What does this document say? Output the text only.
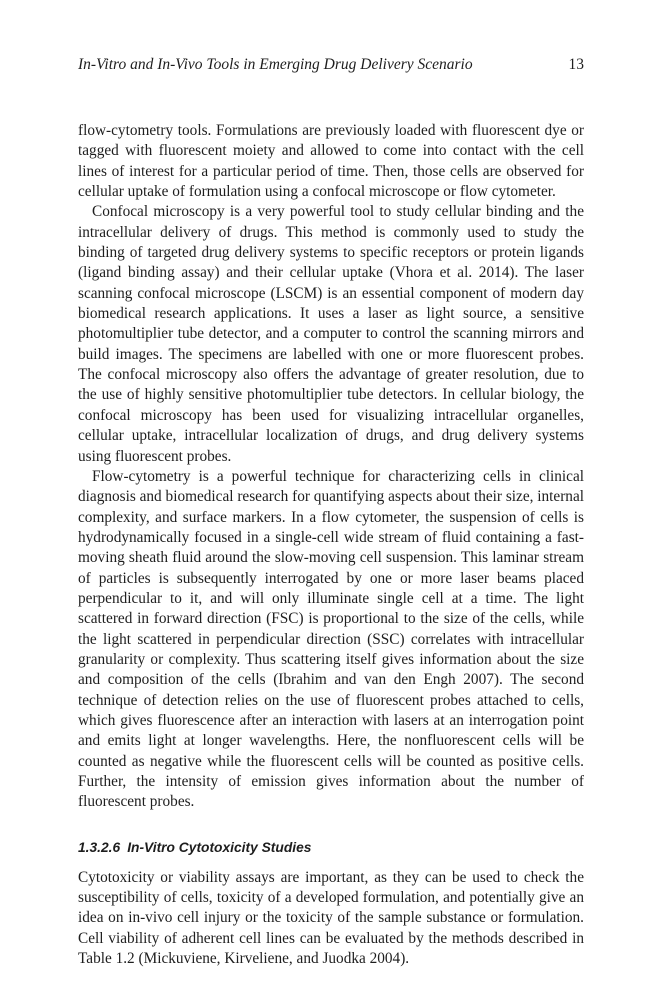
In-Vitro and In-Vivo Tools in Emerging Drug Delivery Scenario	13

flow-cytometry tools. Formulations are previously loaded with fluorescent dye or tagged with fluorescent moiety and allowed to come into contact with the cell lines of interest for a particular period of time. Then, those cells are observed for cellular uptake of formulation using a confocal microscope or flow cytometer.

Confocal microscopy is a very powerful tool to study cellular binding and the intracellular delivery of drugs. This method is commonly used to study the binding of targeted drug delivery systems to specific receptors or protein ligands (ligand binding assay) and their cellular uptake (Vhora et al. 2014). The laser scanning confocal microscope (LSCM) is an essential component of modern day biomedical research applications. It uses a laser as light source, a sensitive photomultiplier tube detector, and a computer to control the scanning mirrors and build images. The specimens are labelled with one or more fluorescent probes. The confocal microscopy also offers the advantage of greater resolution, due to the use of highly sensitive photomultiplier tube detectors. In cellular biology, the confocal microscopy has been used for visualizing intracellular organelles, cellular uptake, intracellular localization of drugs, and drug delivery systems using fluorescent probes.

Flow-cytometry is a powerful technique for characterizing cells in clinical diagnosis and biomedical research for quantifying aspects about their size, internal complexity, and surface markers. In a flow cytometer, the suspension of cells is hydrodynamically focused in a single-cell wide stream of fluid containing a fast-moving sheath fluid around the slow-moving cell suspension. This laminar stream of particles is subsequently interrogated by one or more laser beams placed perpendicular to it, and will only illuminate single cell at a time. The light scattered in forward direction (FSC) is proportional to the size of the cells, while the light scattered in perpendicular direction (SSC) correlates with intracellular granularity or complexity. Thus scattering itself gives information about the size and composition of the cells (Ibrahim and van den Engh 2007). The second technique of detection relies on the use of fluorescent probes attached to cells, which gives fluorescence after an interaction with lasers at an interrogation point and emits light at longer wavelengths. Here, the nonfluorescent cells will be counted as negative while the fluorescent cells will be counted as positive cells. Further, the intensity of emission gives information about the number of fluorescent probes.

1.3.2.6 In-Vitro Cytotoxicity Studies

Cytotoxicity or viability assays are important, as they can be used to check the susceptibility of cells, toxicity of a developed formulation, and potentially give an idea on in-vivo cell injury or the toxicity of the sample substance or formulation. Cell viability of adherent cell lines can be evaluated by the methods described in Table 1.2 (Mickuviene, Kirveliene, and Juodka 2004).
